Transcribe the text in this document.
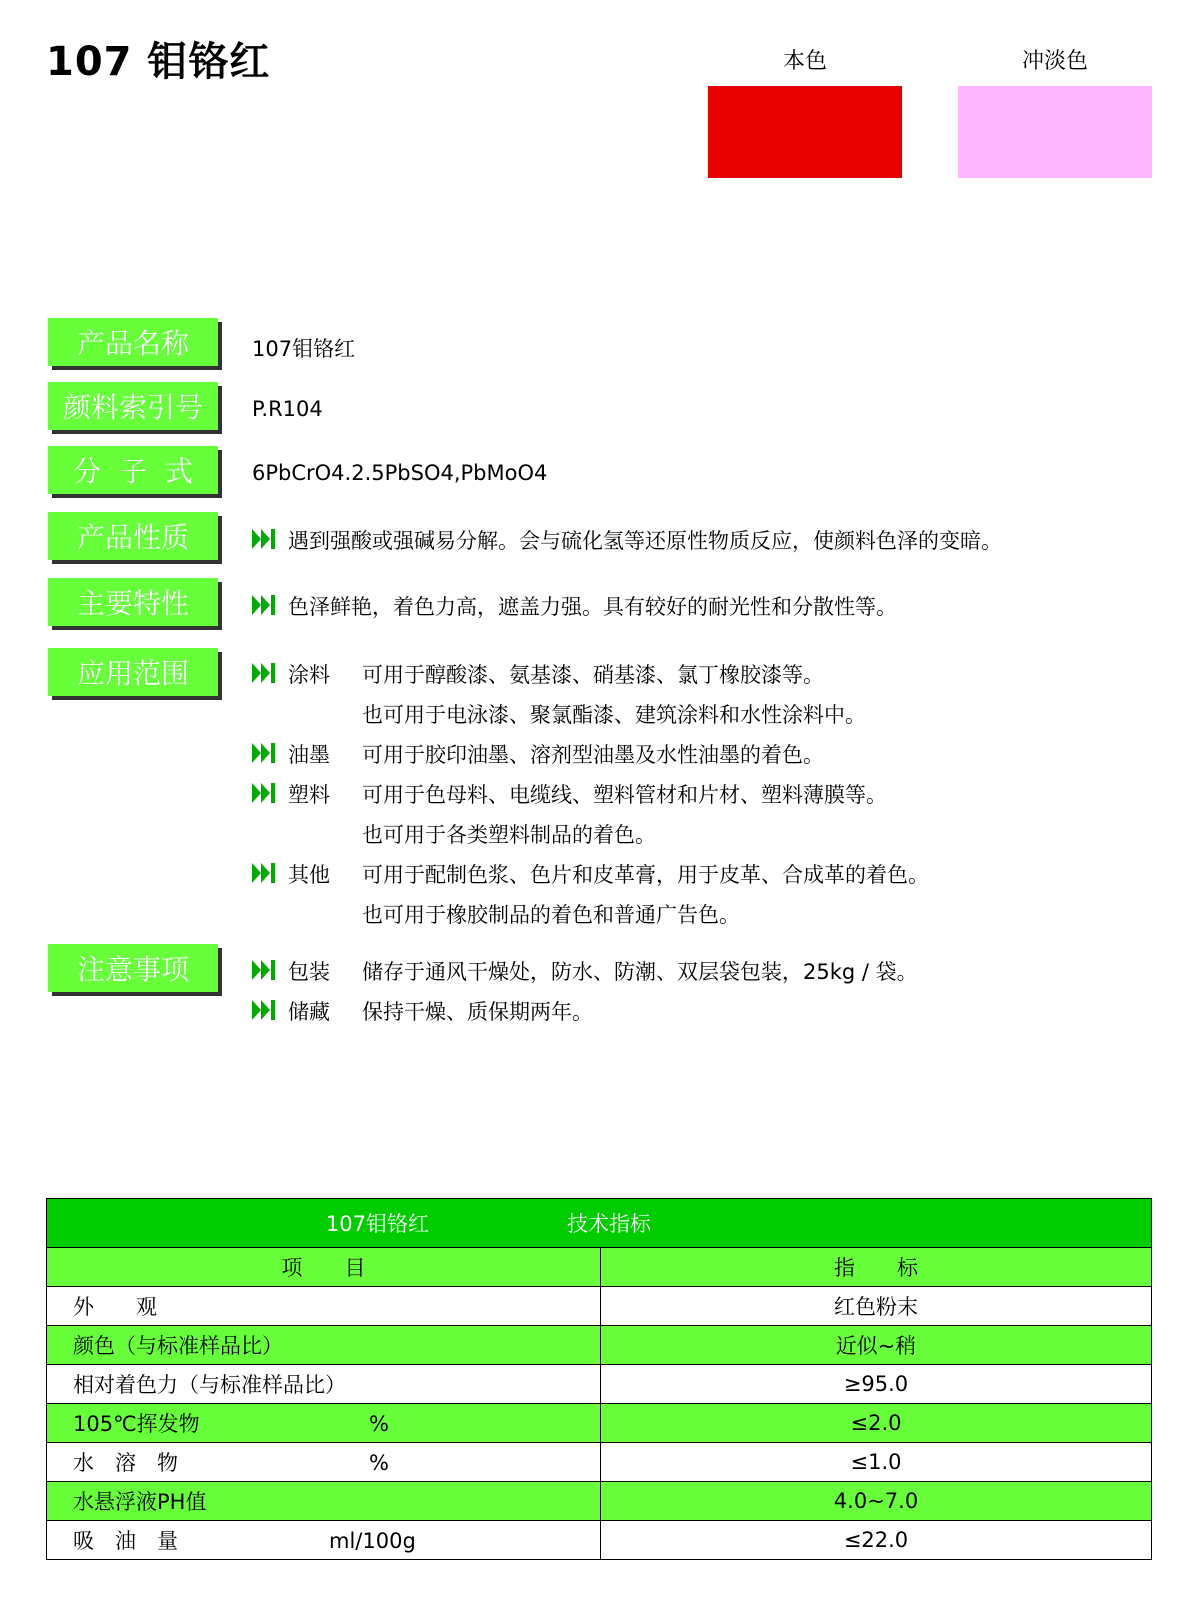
107 钼铬红	本色	冲淡色
产品名称	107钼铬红
颜料索引号 P.R104
分子式 6PbCrO4.2.5PbSO4,PbMoO4
产品性质	遇到强酸或强碱易分解。会与硫化氢等还原性物质反应，使颜料色泽的变暗。
主要特性	色泽鲜艳，着色力高，遮盖力强。具有较好的耐光性和分散性等。
应用范围	涂料 可用于醇酸漆、氨基漆、硝基漆、氯丁橡胶漆等。
也可用于电泳漆、聚氯酯漆、建筑涂料和水性涂料中。
油墨 可用于胶印油墨、溶剂型油墨及水性油墨的着色。
塑料 可用于色母料、电缆线、塑料管材和片材、塑料薄膜等。
也可用于各类塑料制品的着色。
其他 可用于配制色浆、色片和皮革膏，用于皮革、合成革的着色。
也可用于橡胶制品的着色和普通广告色。
注意事项	包装 储存于通风干燥处，防水、防潮、双层袋包装，25kg / 袋。
储藏 保持干燥、质保期两年。
107钼铬红 技术指标	
项　　目	指　　标
外　　观	红色粉末
颜色（与标准样品比）	近似~稍
相对着色力（与标准样品比）	≥95.0
105℃挥发物 %	≤2.0
水　溶　物 %	≤1.0
水悬浮液PH值	4.0~7.0
吸　油　量 ml/100g	≤22.0
